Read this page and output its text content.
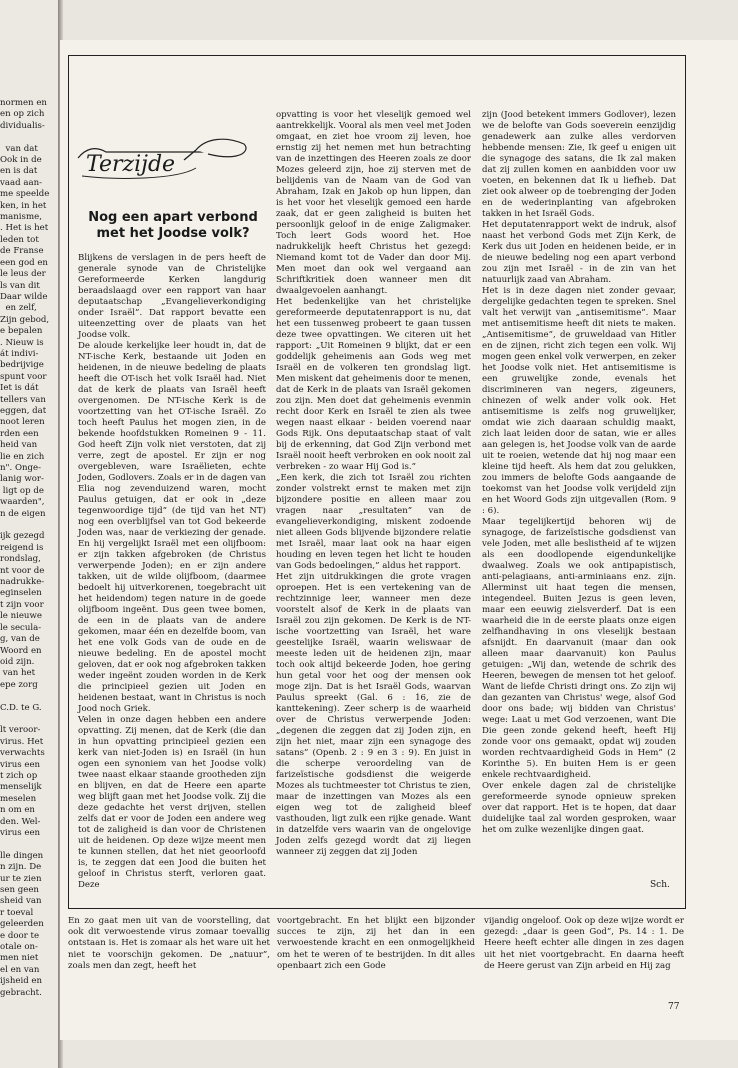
normen en
en op zich
dividualis-

van dat
Ook in de
en is dat
vaad aan-
me speelde
ken, in het
manisme,
. Het is het
leden tot
de Franse
een god en
le leus der
ls van dit
Daar wilde
en zelf,
Zijn gebod,
e bepalen
. Nieuw is
át indivi-
bedrijvige
spunt voor
Iet is dát
tellers van
eggen, dat
noot leren
rden een
heid van
lie en zich
n". Onge-
lanig wor-
ligt op de
waarden",
n de eigen

ijk gezegd
reigend is
rondslag,
nt voor de
nadrukke-
eginselen
t zijn voor
le nieuwe
le secula-
g, van de
Woord en
oid zijn.
van het
epe zorg

C.D. te G.

lt veroor-
virus. Het
verwachts
virus een
t zich op
menselijk
meselen
n om en
den. Wel-
virus een

lle dingen
n zijn. De
ur te zien
sen geen
sheid van
r toeval
geleerden
e door te
otale on-
men niet
el en van
ijsheid en
gebracht.
Terzijde
Nog een apart verbond met het Joodse volk?

Blijkens de verslagen in de pers heeft de generale synode van de Christelijke Gereformeerde Kerken langdurig beraadslaagd over een rapport van haar deputaatschap „Evangelieverkondiging onder Israël”. Dat rapport bevatte een uiteenzetting over de plaats van het Joodse volk.

De aloude kerkelijke leer houdt in, dat de NT-ische Kerk, bestaande uit Joden en heidenen, in de nieuwe bedeling de plaats heeft die OT-isch het volk Israël had. Niet dat de kerk de plaats van Israël heeft overgenomen. De NT-ische Kerk is de voortzetting van het OT-ische Israël. Zo toch heeft Paulus het mogen zien, in de bekende hoofdstukken Romeinen 9 - 11. God heeft Zijn volk niet verstoten, dat zij verre, zegt de apostel. Er zijn er nog overgebleven, ware Israëlieten, echte Joden, Godlovers. Zoals er in de dagen van Elia nog zevenduizend waren, mocht Paulus getuigen, dat er ook in „deze tegenwoordige tijd” (de tijd van het NT) nog een overblijfsel van tot God bekeerde Joden was, naar de verkiezing der genade. En hij vergelijkt Israël met een olijfboom: er zijn takken afgebroken (de Christus verwerpende Joden); en er zijn andere takken, uit de wilde olijfboom, (daarmee bedoelt hij uitverkorenen, toegebracht uit het heidendom) tegen nature in de goede olijfboom ingeënt. Dus geen twee bomen, de een in de plaats van de andere gekomen, maar één en dezelfde boom, van het ene volk Gods van de oude en de nieuwe bedeling. En de apostel mocht geloven, dat er ook nog afgebroken takken weder ingeënt zouden worden in de Kerk die principieel gezien uit Joden en heidenen bestaat, want in Christus is noch Jood noch Griek.

Velen in onze dagen hebben een andere opvatting. Zij menen, dat de Kerk (die dan in hun opvatting principieel gezien een kerk van niet-Joden is) en Israël (in hun ogen een synoniem van het Joodse volk) twee naast elkaar staande grootheden zijn en blijven, en dat de Heere een aparte weg blijft gaan met het Joodse volk. Zij die deze gedachte het verst drijven, stellen zelfs dat er voor de Joden een andere weg tot de zaligheid is dan voor de Christenen uit de heidenen. Op deze wijze meent men te kunnen stellen, dat het niet geoorloofd is, te zeggen dat een Jood die buiten het geloof in Christus sterft, verloren gaat. Deze

opvatting is voor het vleselijk gemoed wel aantrekkelijk. Vooral als men veel met Joden omgaat, en ziet hoe vroom zij leven, hoe ernstig zij het nemen met hun betrachting van de inzettingen des Heeren zoals ze door Mozes geleerd zijn, hoe zij sterven met de belijdenis van de Naam van de God van Abraham, Izak en Jakob op hun lippen, dan is het voor het vleselijk gemoed een harde zaak, dat er geen zaligheid is buiten het persoonlijk geloof in de enige Zaligmaker. Toch leert Gods woord het. Hoe nadrukkelijk heeft Christus het gezegd: Niemand komt tot de Vader dan door Mij. Men moet dan ook wel vergaand aan Schriftkritiek doen wanneer men dit dwaalgevoelen aanhangt.

Het bedenkelijke van het christelijke gereformeerde deputatenrapport is nu, dat het een tussenweg probeert te gaan tussen deze twee opvattingen. We citeren uit het rapport: „Uit Romeinen 9 blijkt, dat er een goddelijk geheimenis aan Gods weg met Israël en de volkeren ten grondslag ligt. Men miskent dat geheimenis door te menen, dat de Kerk in de plaats van Israël gekomen zou zijn. Men doet dat geheimenis evenmin recht door Kerk en Israël te zien als twee wegen naast elkaar - beiden voerend naar Gods Rijk. Ons deputaatschap staat of valt bij de erkenning, dat God Zijn verbond met Israël nooit heeft verbroken en ook nooit zal verbreken - zo waar Hij God is.”

„Een kerk, die zich tot Israël zou richten zonder volstrekt ernst te maken met zijn bijzondere positie en alleen maar zou vragen naar „resultaten” van de evangelieverkondiging, miskent zodoende niet alleen Gods blijvende bijzondere relatie met Israël, maar laat ook na haar eigen houding en leven tegen het licht te houden van Gods bedoelingen,” aldus het rapport.

Het zijn uitdrukkingen die grote vragen oproepen. Het is een vertekening van de rechtzinnige leer, wanneer men deze voorstelt alsof de Kerk in de plaats van Israël zou zijn gekomen. De Kerk is de NT-ische voortzetting van Israël, het ware geestelijke Israël, waarin weliswaar de meeste leden uit de heidenen zijn, maar toch ook altijd bekeerde Joden, hoe gering hun getal voor het oog der mensen ook moge zijn. Dat is het Israël Gods, waarvan Paulus spreekt (Gal. 6 : 16, zie de kanttekening). Zeer scherp is de waarheid over de Christus verwerpende Joden: „degenen die zeggen dat zij Joden zijn, en zijn het niet, maar zijn een synagoge des satans” (Openb. 2 : 9 en 3 : 9). En juist in die scherpe veroordeling van de farizeïstische godsdienst die weigerde Mozes als tuchtmeester tot Christus te zien, maar de inzettingen van Mozes als een eigen weg tot de zaligheid bleef vasthouden, ligt zulk een rijke genade. Want in datzelfde vers waarin van de ongelovige Joden zelfs gezegd wordt dat zij liegen wanneer zij zeggen dat zij Joden

zijn (Jood betekent immers Godlover), lezen we de belofte van Gods soeverein eenzijdig genadewerk aan zulke alles verdorven hebbende mensen: Zie, Ik geef u enigen uit die synagoge des satans, die Ik zal maken dat zij zullen komen en aanbidden voor uw voeten, en bekennen dat Ik u liefheb. Dat ziet ook alweer op de toebrenging der Joden en de wederinplanting van afgebroken takken in het Israël Gods.

Het deputatenrapport wekt de indruk, alsof naast het verbond Gods met Zijn Kerk, de Kerk dus uit Joden en heidenen beide, er in de nieuwe bedeling nog een apart verbond zou zijn met Israël - in de zin van het natuurlijk zaad van Abraham.

Het is in deze dagen niet zonder gevaar, dergelijke gedachten tegen te spreken. Snel valt het verwijt van „antisemitisme”. Maar met antisemitisme heeft dit niets te maken. „Antisemitisme”, de gruweldaad van Hitler en de zijnen, richt zich tegen een volk. Wij mogen geen enkel volk verwerpen, en zeker het Joodse volk niet. Het antisemitisme is een gruwelijke zonde, evenals het discrimineren van negers, zigeuners, chinezen of welk ander volk ook. Het antisemitisme is zelfs nog gruwelijker, omdat wie zich daaraan schuldig maakt, zich laat leiden door de satan, wie er alles aan gelegen is, het Joodse volk van de aarde uit te roeien, wetende dat hij nog maar een kleine tijd heeft. Als hem dat zou gelukken, zou immers de belofte Gods aangaande de toekomst van het Joodse volk verijdeld zijn en het Woord Gods zijn uitgevallen (Rom. 9 : 6).

Maar tegelijkertijd behoren wij de synagoge, de farizeïstische godsdienst van vele Joden, met alle beslistheid af te wijzen als een doodlopende eigendunkelijke dwaalweg. Zoals we ook antipapistisch, anti-pelagiaans, anti-arminiaans enz. zijn. Allerminst uit haat tegen die mensen, integendeel. Buiten Jezus is geen leven, maar een eeuwig zielsverderf. Dat is een waarheid die in de eerste plaats onze eigen zelfhandhaving in ons vleselijk bestaan afsnijdt. En daarvanuit (maar dan ook alleen maar daarvanuit) kon Paulus getuigen: „Wij dan, wetende de schrik des Heeren, bewegen de mensen tot het geloof. Want de liefde Christi dringt ons. Zo zijn wij dan gezanten van Christus' wege, alsof God door ons bade; wij bidden van Christus' wege: Laat u met God verzoenen, want Die Die geen zonde gekend heeft, heeft Hij zonde voor ons gemaakt, opdat wij zouden worden rechtvaardigheid Gods in Hem” (2 Korinthe 5). En buiten Hem is er geen enkele rechtvaardigheid.

Over enkele dagen zal de christelijke gereformeerde synode opnieuw spreken over dat rapport. Het is te hopen, dat daar duidelijke taal zal worden gesproken, waar het om zulke wezenlijke dingen gaat.

Sch.
En zo gaat men uit van de voorstelling, dat ook dit verwoestende virus zomaar toevallig ontstaan is. Het is zomaar als het ware uit het niet te voorschijn gekomen. De „natuur”, zoals men dan zegt, heeft het
voortgebracht. En het blijkt een bijzonder succes te zijn, zij het dan in een verwoestende kracht en een onmogelijkheid om het te weren of te bestrijden. In dit alles openbaart zich een Gode
vijandig ongeloof. Ook op deze wijze wordt er gezegd: „daar is geen God”, Ps. 14 : 1. De Heere heeft echter alle dingen in zes dagen uit het niet voortgebracht. En daarna heeft de Heere gerust van Zijn arbeid en Hij zag
77
